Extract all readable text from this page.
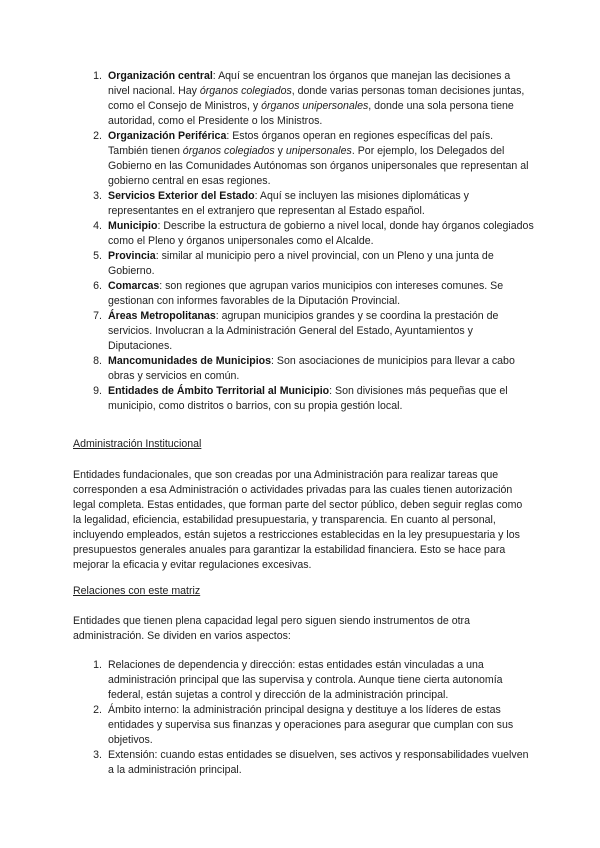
1. Organización central: Aquí se encuentran los órganos que manejan las decisiones a nivel nacional. Hay órganos colegiados, donde varias personas toman decisiones juntas, como el Consejo de Ministros, y órganos unipersonales, donde una sola persona tiene autoridad, como el Presidente o los Ministros.
2. Organización Periférica: Estos órganos operan en regiones específicas del país. También tienen órganos colegiados y unipersonales. Por ejemplo, los Delegados del Gobierno en las Comunidades Autónomas son órganos unipersonales que representan al gobierno central en esas regiones.
3. Servicios Exterior del Estado: Aquí se incluyen las misiones diplomáticas y representantes en el extranjero que representan al Estado español.
4. Municipio: Describe la estructura de gobierno a nivel local, donde hay órganos colegiados como el Pleno y órganos unipersonales como el Alcalde.
5. Provincia: similar al municipio pero a nivel provincial, con un Pleno y una junta de Gobierno.
6. Comarcas: son regiones que agrupan varios municipios con intereses comunes. Se gestionan con informes favorables de la Diputación Provincial.
7. Áreas Metropolitanas: agrupan municipios grandes y se coordina la prestación de servicios. Involucran a la Administración General del Estado, Ayuntamientos y Diputaciones.
8. Mancomunidades de Municipios: Son asociaciones de municipios para llevar a cabo obras y servicios en común.
9. Entidades de Ámbito Territorial al Municipio: Son divisiones más pequeñas que el municipio, como distritos o barrios, con su propia gestión local.
Administración Institucional

Entidades fundacionales, que son creadas por una Administración para realizar tareas que corresponden a esa Administración o actividades privadas para las cuales tienen autorización legal completa. Estas entidades, que forman parte del sector público, deben seguir reglas como la legalidad, eficiencia, estabilidad presupuestaria, y transparencia. En cuanto al personal, incluyendo empleados, están sujetos a restricciones establecidas en la ley presupuestaria y los presupuestos generales anuales para garantizar la estabilidad financiera. Esto se hace para mejorar la eficacia y evitar regulaciones excesivas.

Relaciones con este matriz

Entidades que tienen plena capacidad legal pero siguen siendo instrumentos de otra administración. Se dividen en varios aspectos:

1. Relaciones de dependencia y dirección: estas entidades están vinculadas a una administración principal que las supervisa y controla. Aunque tiene cierta autonomía federal, están sujetas a control y dirección de la administración principal.
2. Ámbito interno: la administración principal designa y destituye a los líderes de estas entidades y supervisa sus finanzas y operaciones para asegurar que cumplan con sus objetivos.
3. Extensión: cuando estas entidades se disuelven, ses activos y responsabilidades vuelven a la administración principal.
